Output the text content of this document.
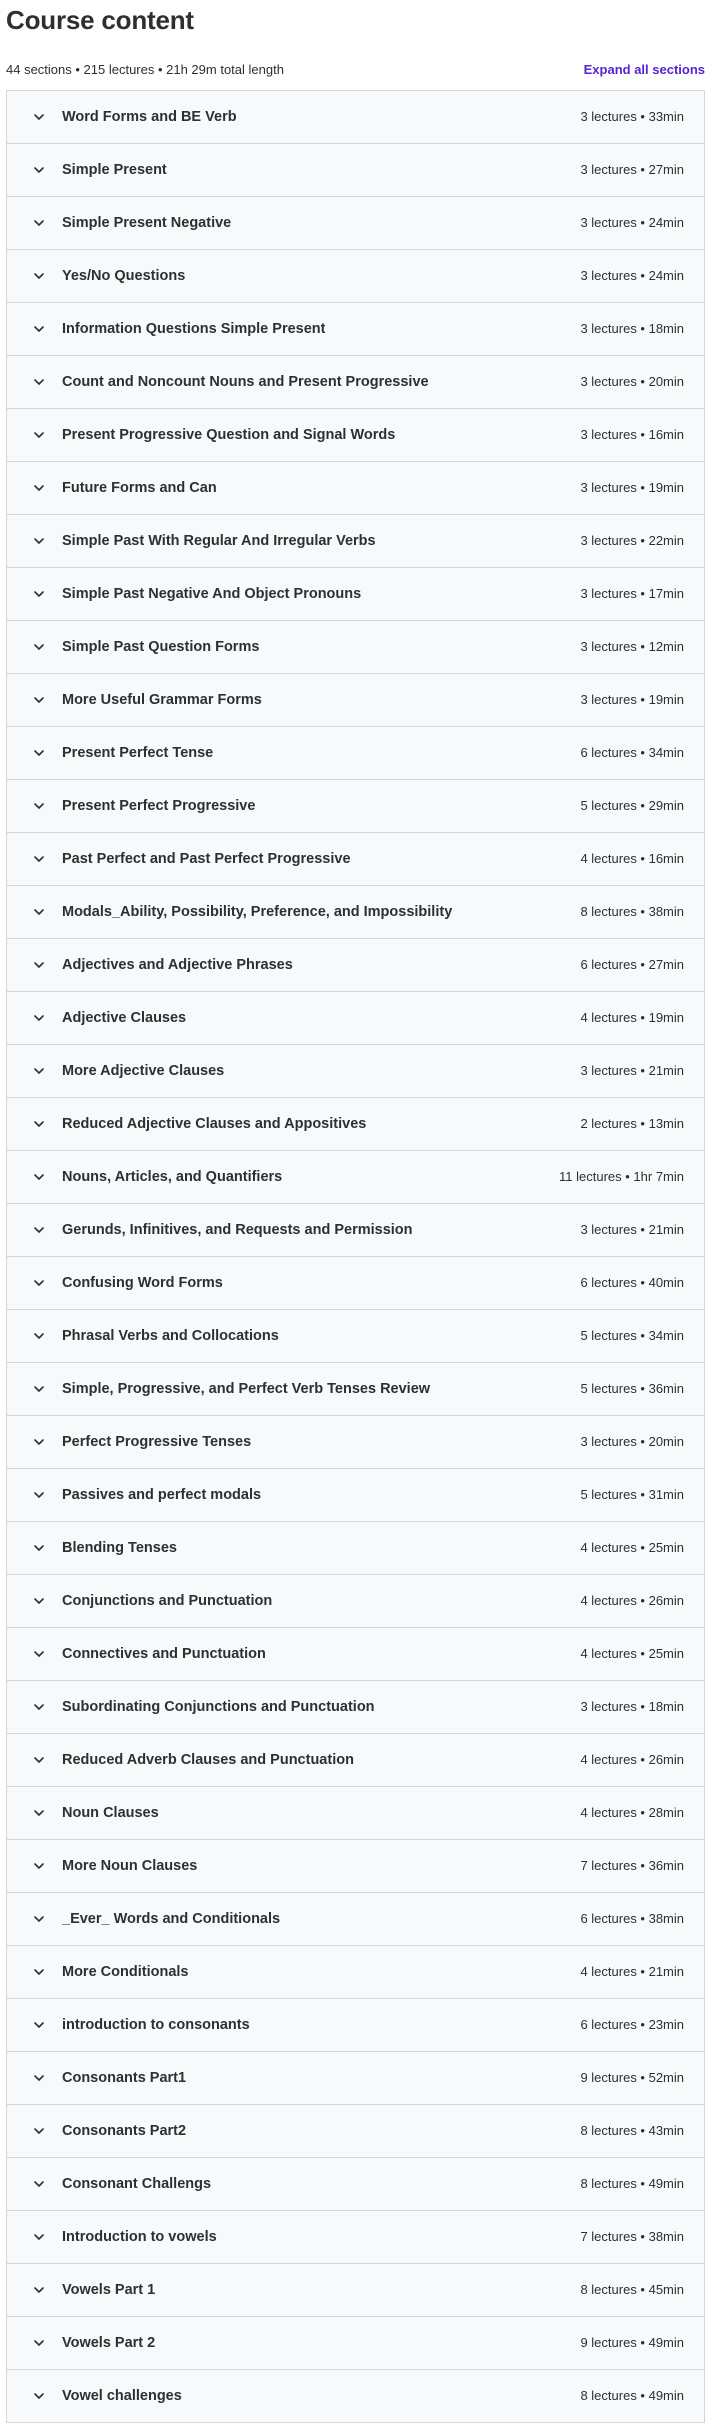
Course content
44 sections • 215 lectures • 21h 29m total length	Expand all sections
Word Forms and BE Verb	3 lectures • 33min
Simple Present	3 lectures • 27min
Simple Present Negative	3 lectures • 24min
Yes/No Questions	3 lectures • 24min
Information Questions Simple Present	3 lectures • 18min
Count and Noncount Nouns and Present Progressive	3 lectures • 20min
Present Progressive Question and Signal Words	3 lectures • 16min
Future Forms and Can	3 lectures • 19min
Simple Past With Regular And Irregular Verbs	3 lectures • 22min
Simple Past Negative And Object Pronouns	3 lectures • 17min
Simple Past Question Forms	3 lectures • 12min
More Useful Grammar Forms	3 lectures • 19min
Present Perfect Tense	6 lectures • 34min
Present Perfect Progressive	5 lectures • 29min
Past Perfect and Past Perfect Progressive	4 lectures • 16min
Modals_Ability, Possibility, Preference, and Impossibility	8 lectures • 38min
Adjectives and Adjective Phrases	6 lectures • 27min
Adjective Clauses	4 lectures • 19min
More Adjective Clauses	3 lectures • 21min
Reduced Adjective Clauses and Appositives	2 lectures • 13min
Nouns, Articles, and Quantifiers	11 lectures • 1hr 7min
Gerunds, Infinitives, and Requests and Permission	3 lectures • 21min
Confusing Word Forms	6 lectures • 40min
Phrasal Verbs and Collocations	5 lectures • 34min
Simple, Progressive, and Perfect Verb Tenses Review	5 lectures • 36min
Perfect Progressive Tenses	3 lectures • 20min
Passives and perfect modals	5 lectures • 31min
Blending Tenses	4 lectures • 25min
Conjunctions and Punctuation	4 lectures • 26min
Connectives and Punctuation	4 lectures • 25min
Subordinating Conjunctions and Punctuation	3 lectures • 18min
Reduced Adverb Clauses and Punctuation	4 lectures • 26min
Noun Clauses	4 lectures • 28min
More Noun Clauses	7 lectures • 36min
_Ever_ Words and Conditionals	6 lectures • 38min
More Conditionals	4 lectures • 21min
introduction to consonants	6 lectures • 23min
Consonants Part1	9 lectures • 52min
Consonants Part2	8 lectures • 43min
Consonant Challengs	8 lectures • 49min
Introduction to vowels	7 lectures • 38min
Vowels Part 1	8 lectures • 45min
Vowels Part 2	9 lectures • 49min
Vowel challenges	8 lectures • 49min
